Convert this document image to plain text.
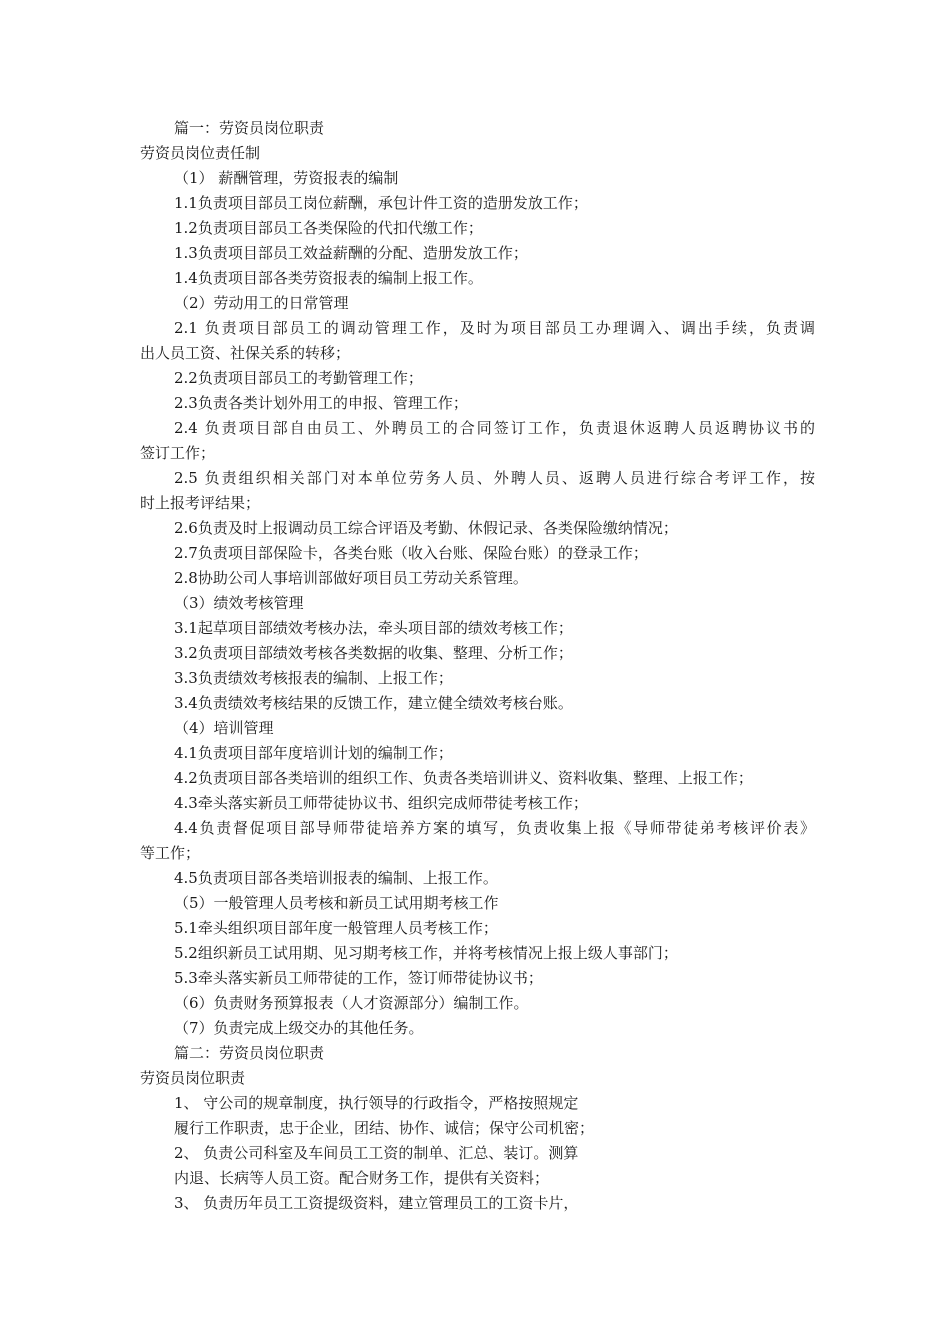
篇一：劳资员岗位职责
劳资员岗位责任制
（1） 薪酬管理，劳资报表的编制
1.1负责项目部员工岗位薪酬，承包计件工资的造册发放工作；
1.2负责项目部员工各类保险的代扣代缴工作；
1.3负责项目部员工效益薪酬的分配、造册发放工作；
1.4负责项目部各类劳资报表的编制上报工作。
（2）劳动用工的日常管理
2.1 负责项目部员工的调动管理工作，及时为项目部员工办理调入、调出手续，负责调
出人员工资、社保关系的转移；
2.2负责项目部员工的考勤管理工作；
2.3负责各类计划外用工的申报、管理工作；
2.4 负责项目部自由员工、外聘员工的合同签订工作，负责退休返聘人员返聘协议书的
签订工作；
2.5 负责组织相关部门对本单位劳务人员、外聘人员、返聘人员进行综合考评工作，按
时上报考评结果；
2.6负责及时上报调动员工综合评语及考勤、休假记录、各类保险缴纳情况；
2.7负责项目部保险卡，各类台账（收入台账、保险台账）的登录工作；
2.8协助公司人事培训部做好项目员工劳动关系管理。
（3）绩效考核管理
3.1起草项目部绩效考核办法，牵头项目部的绩效考核工作；
3.2负责项目部绩效考核各类数据的收集、整理、分析工作；
3.3负责绩效考核报表的编制、上报工作；
3.4负责绩效考核结果的反馈工作，建立健全绩效考核台账。
（4）培训管理
4.1负责项目部年度培训计划的编制工作；
4.2负责项目部各类培训的组织工作、负责各类培训讲义、资料收集、整理、上报工作；
4.3牵头落实新员工师带徒协议书、组织完成师带徒考核工作；
4.4负责督促项目部导师带徒培养方案的填写，负责收集上报《导师带徒弟考核评价表》
等工作；
4.5负责项目部各类培训报表的编制、上报工作。
（5）一般管理人员考核和新员工试用期考核工作
5.1牵头组织项目部年度一般管理人员考核工作；
5.2组织新员工试用期、见习期考核工作，并将考核情况上报上级人事部门；
5.3牵头落实新员工师带徒的工作，签订师带徒协议书；
（6）负责财务预算报表（人才资源部分）编制工作。
（7）负责完成上级交办的其他任务。
篇二：劳资员岗位职责
劳资员岗位职责
1、 守公司的规章制度，执行领导的行政指令，严格按照规定
履行工作职责，忠于企业，团结、协作、诚信；保守公司机密；
2、 负责公司科室及车间员工工资的制单、汇总、装订。测算
内退、长病等人员工资。配合财务工作，提供有关资料；
3、 负责历年员工工资提级资料，建立管理员工的工资卡片，
